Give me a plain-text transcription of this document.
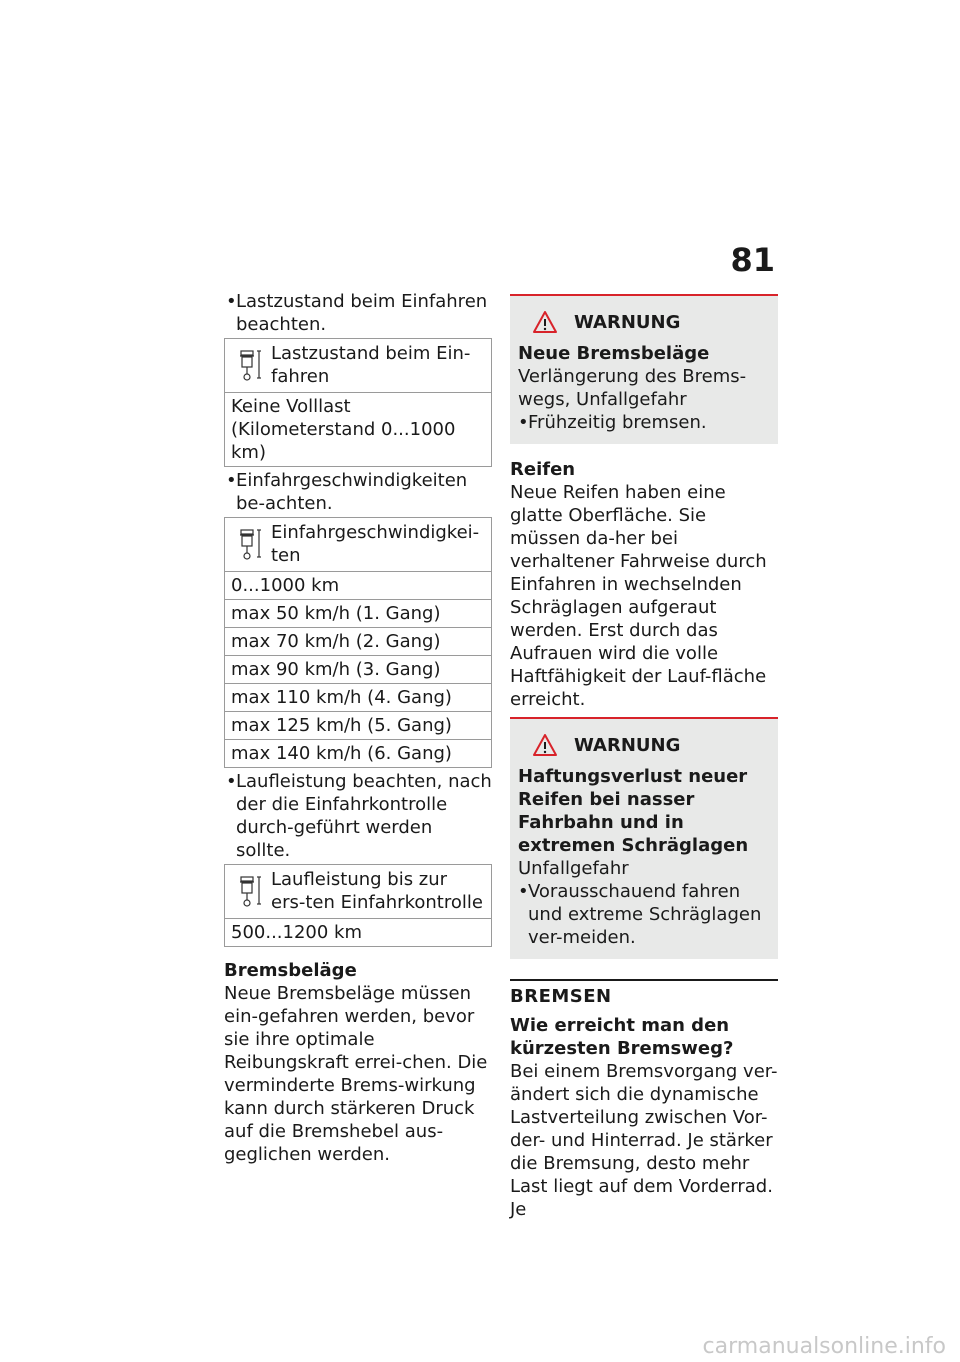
81
• Lastzustand beim Einfahren beachten.
Lastzustand beim Ein-fahren
Keine Volllast (Kilometerstand 0...1000 km)
• Einfahrgeschwindigkeiten be-achten.
Einfahrgeschwindigkei-ten
0...1000 km
max 50 km/h (1. Gang)
max 70 km/h (2. Gang)
max 90 km/h (3. Gang)
max 110 km/h (4. Gang)
max 125 km/h (5. Gang)
max 140 km/h (6. Gang)
• Laufleistung beachten, nach der die Einfahrkontrolle durch-geführt werden sollte.
Laufleistung bis zur ers-ten Einfahrkontrolle
500...1200 km
Bremsbeläge
Neue Bremsbeläge müssen ein-gefahren werden, bevor sie ihre optimale Reibungskraft errei-chen. Die verminderte Brems-wirkung kann durch stärkeren Druck auf die Bremshebel aus-geglichen werden.
WARNUNG
Neue Bremsbeläge
Verlängerung des Brems-wegs, Unfallgefahr
• Frühzeitig bremsen.
Reifen
Neue Reifen haben eine glatte Oberfläche. Sie müssen da-her bei verhaltener Fahrweise durch Einfahren in wechselnden Schräglagen aufgeraut werden. Erst durch das Aufrauen wird die volle Haftfähigkeit der Lauf-fläche erreicht.
WARNUNG
Haftungsverlust neuer Reifen bei nasser Fahrbahn und in extremen Schräglagen
Unfallgefahr
• Vorausschauend fahren und extreme Schräglagen ver-meiden.
BREMSEN
Wie erreicht man den kürzesten Bremsweg?
Bei einem Bremsvorgang ver-ändert sich die dynamische Lastverteilung zwischen Vor-der- und Hinterrad. Je stärker die Bremsung, desto mehr Last liegt auf dem Vorderrad. Je
carmanualsonline.info
